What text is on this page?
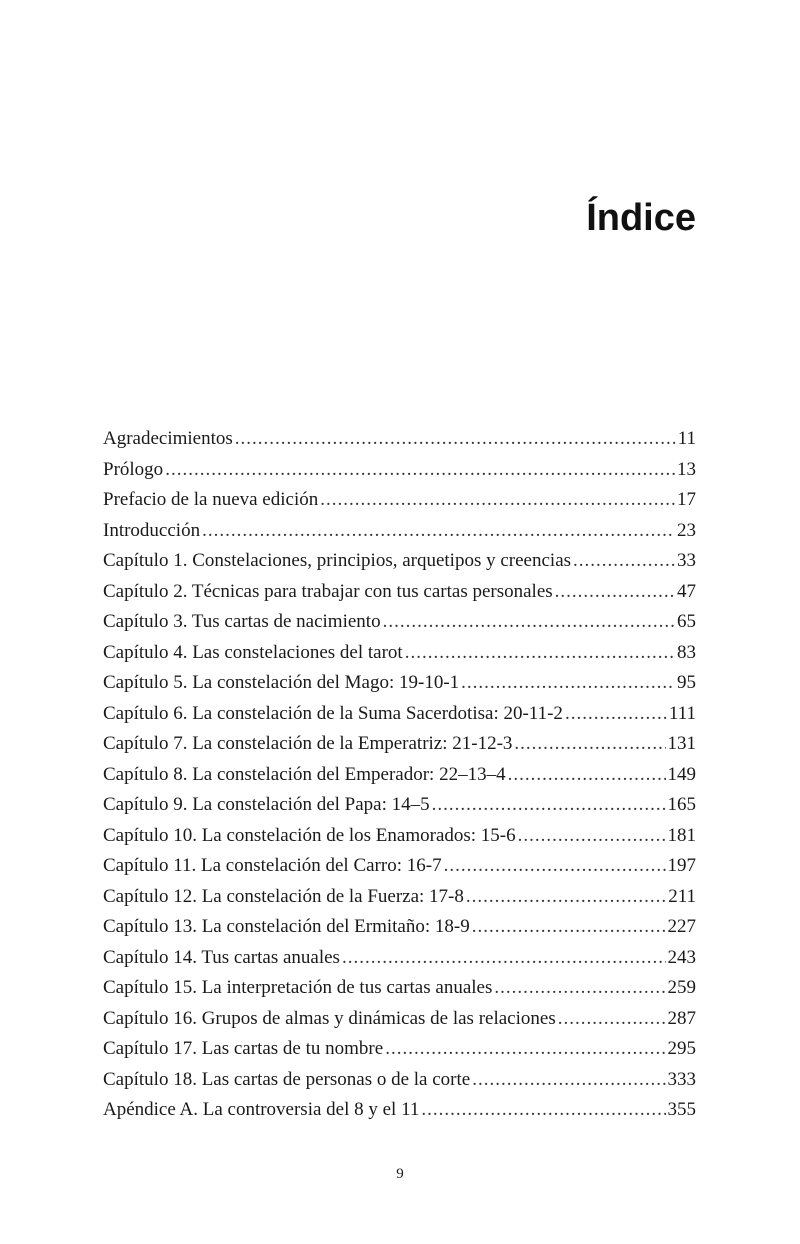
Índice
Agradecimientos .....	11
Prólogo .....	13
Prefacio de la nueva edición .....	17
Introducción .....	23
Capítulo 1. Constelaciones, principios, arquetipos y creencias .....	33
Capítulo 2. Técnicas para trabajar con tus cartas personales .....	47
Capítulo 3. Tus cartas de nacimiento .....	65
Capítulo 4. Las constelaciones del tarot .....	83
Capítulo 5. La constelación del Mago: 19-10-1 .....	95
Capítulo 6. La constelación de la Suma Sacerdotisa: 20-11-2 .....	111
Capítulo 7. La constelación de la Emperatriz: 21-12-3 .....	131
Capítulo 8. La constelación del Emperador: 22–13–4 .....	149
Capítulo 9. La constelación del Papa: 14–5 .....	165
Capítulo 10. La constelación de los Enamorados: 15-6 .....	181
Capítulo 11. La constelación del Carro: 16-7 .....	197
Capítulo 12. La constelación de la Fuerza: 17-8 .....	211
Capítulo 13. La constelación del Ermitaño: 18-9 .....	227
Capítulo 14. Tus cartas anuales .....	243
Capítulo 15. La interpretación de tus cartas anuales .....	259
Capítulo 16. Grupos de almas y dinámicas de las relaciones .....	287
Capítulo 17. Las cartas de tu nombre .....	295
Capítulo 18. Las cartas de personas o de la corte .....	333
Apéndice A. La controversia del 8 y el 11 .....	355
9
